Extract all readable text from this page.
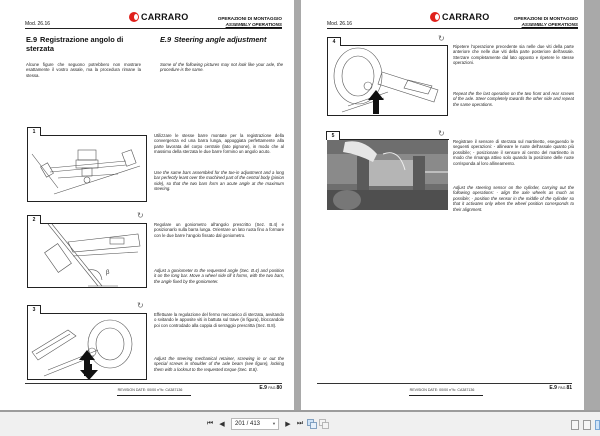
Mod. 26.16
CARRARO	OPERAZIONI DI MONTAGGIO
ASSEMBLY OPERATIONS
E.9 Registrazione angolo di sterzata
E.9 Steering angle adjustment
Alcune figure che seguono potrebbero non mostrare esattamente il vostro assale, ma la procedura rimane la stessa.
Some of the following pictures may not look like your axle, the procedure is the same.
1
Utilizzare le stesse barre montate per la registrazione della convergenza ed una barra lunga, appoggiata perfettamente alla parte lavorata del corpo centrale (lato pignone), in modo che al massimo della sterzata le due barre formino un angolo acuto.
Use the same bars assembled for the toe-in adjustment and a long bar perfectly leant over the machined part of the central body (pinion side), so that the two bars form an acute angle at the maximum steering.
2
β
↻
Regolare un goniometro all'angolo prescritto (Sez. B.4) e posizionarlo sulla barra lunga. Orientare un lato ruota fino a formare con le due barre l'angolo fissato dal goniometro.
Adjust a goniometer to the requested angle (Sec. B.4) and position it on the long bar. Move a wheel side till it forms, with the two bars, the angle fixed by the goniometer.
3	↻
Effettuare la regolazione del fermo meccanico di sterzata, avvitando o svitando le apposite viti in battuta sul trave (in figura), bloccandole poi con controdado alla coppia di serraggio prescritta (Sez. B.8).
Adjust the steering mechanical retainer, screwing in or out the special screws in shoulder of the axle beam (see figure), locking them with a locknut to the requested torque (Sec. B.8).
REVISION DATE: 00/00 n°fc: CA387136	E.9 PAG.80
Mod. 26.16
CARRARO	OPERAZIONI DI MONTAGGIO
ASSEMBLY OPERATIONS
4	↻
Ripetere l'operazione precedente sia nelle due viti della parte anteriore che nelle due viti della parte posteriore dell'assale. Sterzare completamente dal lato opposto e ripetere le stesse operazioni.
Repeat the the last operation on the two front and rear screws of the axle. Steer completely towards the other side and repeat the same operations.
5	↻
Registrare il sensore di sterzata sul martinetto, eseguendo le seguenti operazioni: - allineare le ruote dell'assale quanto più possibile; - posizionare il sensore al centro del martinetto in modo che rimanga attivo solo quando la posizione delle ruote corrisponda al loro allineamento.
Adjust the steering sensor on the cylinder, carrying out the following operations: - align the axle wheels as much as possible; - position the sensor in the middle of the cylinder so that it activates only when the wheel position corresponds to their alignment.
REVISION DATE: 00/00 n°fc: CA387136	E.9 PAG.81
⏮ ◀	201 / 413	▼	▶ ⏭
